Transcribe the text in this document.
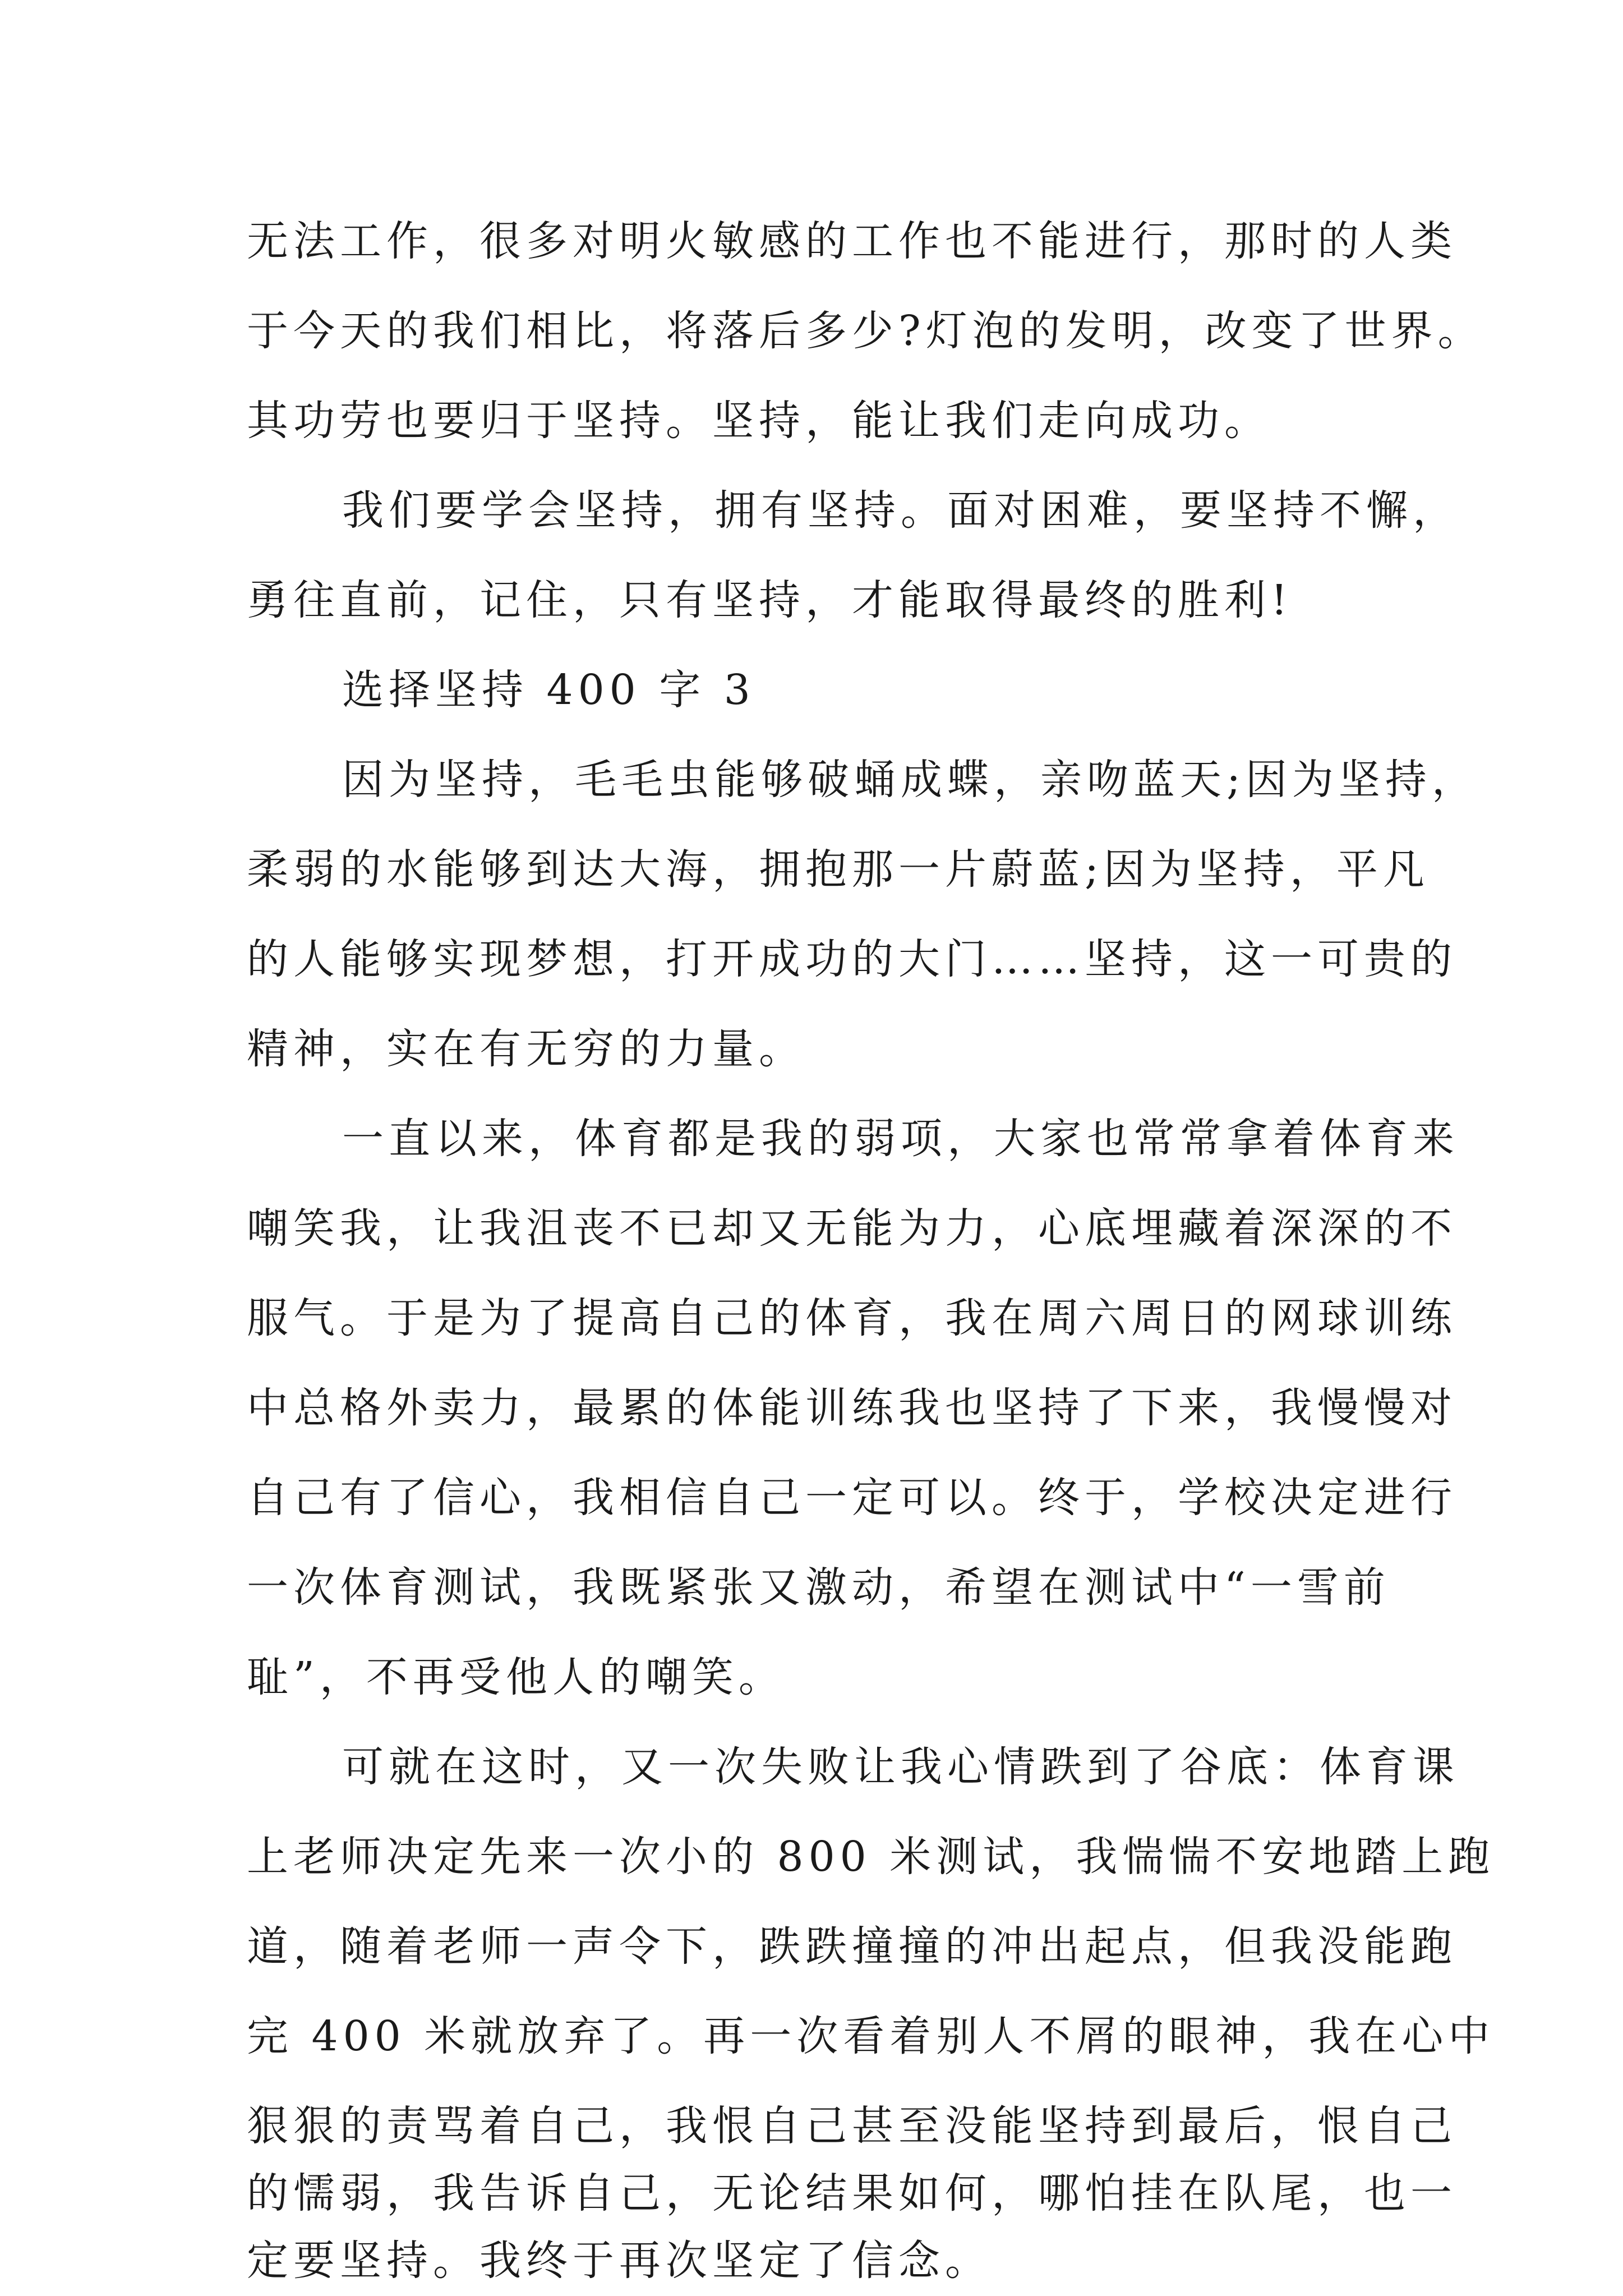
无法工作，很多对明火敏感的工作也不能进行，那时的人类
于今天的我们相比，将落后多少?灯泡的发明，改变了世界。
其功劳也要归于坚持。坚持，能让我们走向成功。
我们要学会坚持，拥有坚持。面对困难，要坚持不懈，
勇往直前，记住，只有坚持，才能取得最终的胜利!
选择坚持 400 字 3
因为坚持，毛毛虫能够破蛹成蝶，亲吻蓝天;因为坚持，
柔弱的水能够到达大海，拥抱那一片蔚蓝;因为坚持，平凡
的人能够实现梦想，打开成功的大门……坚持，这一可贵的
精神，实在有无穷的力量。
一直以来，体育都是我的弱项，大家也常常拿着体育来
嘲笑我，让我沮丧不已却又无能为力，心底埋藏着深深的不
服气。于是为了提高自己的体育，我在周六周日的网球训练
中总格外卖力，最累的体能训练我也坚持了下来，我慢慢对
自己有了信心，我相信自己一定可以。终于，学校决定进行
一次体育测试，我既紧张又激动，希望在测试中“一雪前
耻”，不再受他人的嘲笑。
可就在这时，又一次失败让我心情跌到了谷底：体育课
上老师决定先来一次小的 800 米测试，我惴惴不安地踏上跑
道，随着老师一声令下，跌跌撞撞的冲出起点，但我没能跑
完 400 米就放弃了。再一次看着别人不屑的眼神，我在心中
狠狠的责骂着自己，我恨自己甚至没能坚持到最后，恨自己
的懦弱，我告诉自己，无论结果如何，哪怕挂在队尾，也一
定要坚持。我终于再次坚定了信念。
